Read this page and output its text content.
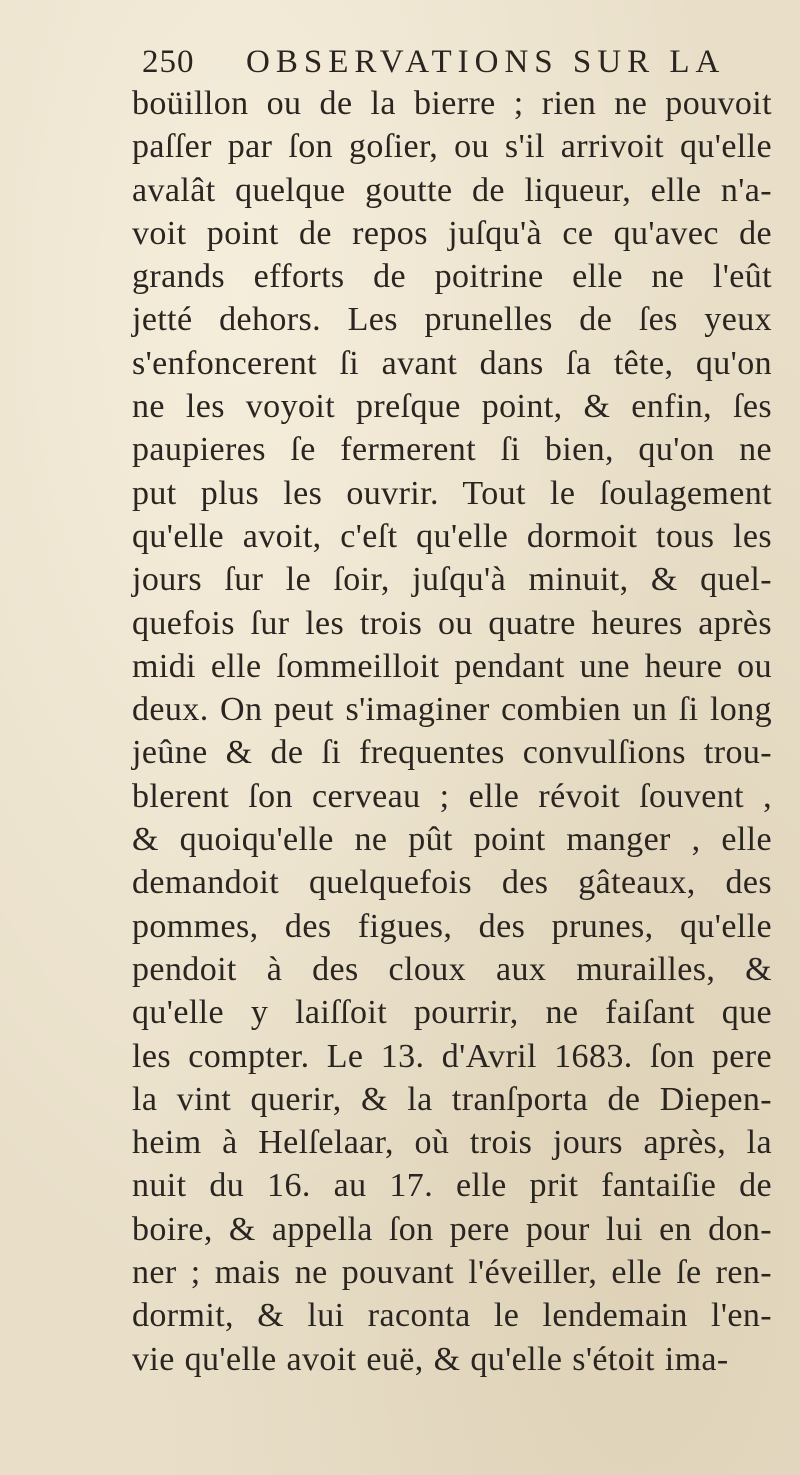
250	OBSERVATIONS SUR LA
boüillon ou de la bierre ; rien ne pouvoit
paſſer par ſon goſier, ou s'il arrivoit qu'elle
avalât quelque goutte de liqueur, elle n'a-
voit point de repos juſqu'à ce qu'avec de
grands efforts de poitrine elle ne l'eût
jetté dehors. Les prunelles de ſes yeux
s'enfoncerent ſi avant dans ſa tête, qu'on
ne les voyoit preſque point, & enfin, ſes
paupieres ſe fermerent ſi bien, qu'on ne
put plus les ouvrir. Tout le ſoulagement
qu'elle avoit, c'eſt qu'elle dormoit tous les
jours ſur le ſoir, juſqu'à minuit, & quel-
quefois ſur les trois ou quatre heures après
midi elle ſommeilloit pendant une heure ou
deux. On peut s'imaginer combien un ſi long
jeûne & de ſi frequentes convulſions trou-
blerent ſon cerveau ; elle révoit ſouvent ,
& quoiqu'elle ne pût point manger , elle
demandoit quelquefois des gâteaux, des
pommes, des figues, des prunes, qu'elle
pendoit à des cloux aux murailles, &
qu'elle y laiſſoit pourrir, ne faiſant que
les compter. Le 13. d'Avril 1683. ſon pere
la vint querir, & la tranſporta de Diepen-
heim à Helſelaar, où trois jours après, la
nuit du 16. au 17. elle prit fantaiſie de
boire, & appella ſon pere pour lui en don-
ner ; mais ne pouvant l'éveiller, elle ſe ren-
dormit, & lui raconta le lendemain l'en-
vie qu'elle avoit euë, & qu'elle s'étoit ima-
